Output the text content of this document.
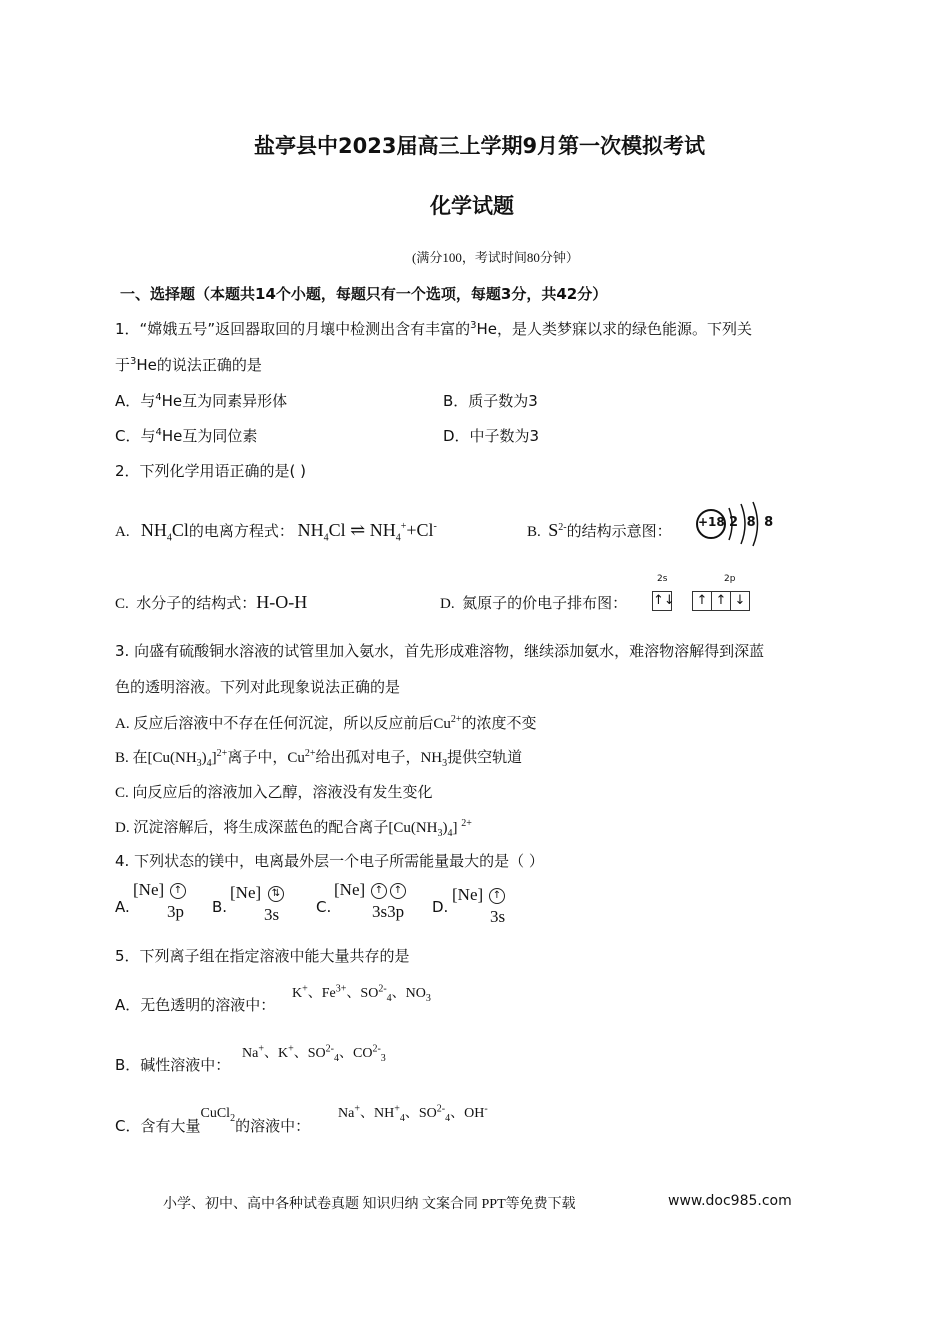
盐亭县中2023届高三上学期9月第一次模拟考试
化学试题
(满分100，考试时间80分钟）
一、选择题（本题共14个小题，每题只有一个选项，每题3分，共42分）
1．“嫦娥五号”返回器取回的月壤中检测出含有丰富的$^3$He，是人类梦寐以求的绿色能源。下列关
于$^3$He的说法正确的是
A．与$^4$He互为同素异形体	B．质子数为3
C．与$^4$He互为同位素	D．中子数为3
2．下列化学用语正确的是( )
A. $NH_4Cl$的电离方程式： $NH_4Cl$ ⇌ $NH_4^++Cl^-$	B. $S^{2-}$的结构示意图： +18 2 8 8
C. 水分子的结构式：H-O-H	D. 氮原子的价电子排布图：
2s	2p
↑↓	↑ ↑ ↓
3. 向盛有硫酸铜水溶液的试管里加入氨水，首先形成难溶物，继续添加氨水，难溶物溶解得到深蓝
色的透明溶液。下列对此现象说法正确的是
A. 反应后溶液中不存在任何沉淀，所以反应前后$Cu^{2+}$的浓度不变
B. 在$[Cu(NH_3)_4]^{2+}$离子中，$Cu^{2+}$给出孤对电子，$NH_3$提供空轨道
C. 向反应后的溶液加入乙醇，溶液没有发生变化
D. 沉淀溶解后，将生成深蓝色的配合离子$[Cu(NH_3)_4]$ $^{2+}$
4. 下列状态的镁中，电离最外层一个电子所需能量最大的是（ ）
A.
[Ne] ↑
3p B.
[Ne]	⇅
3s C.
[Ne] ↑	↑
3s3p D.
[Ne] ↑
3s
5．下列离子组在指定溶液中能大量共存的是
A．无色透明的溶液中：
K+、$Fe^{3+}$、$SO^{2-}_4$、$NO_3$
B．碱性溶液中：
Na+、K+、$SO^{2-}_4$、$CO^{2-}_3$
C．含有大量CuCl$_2$的溶液中：
Na+、$NH^+_4$、$SO^{2-}_4$、OH-
小学、初中、高中各种试卷真题 知识归纳 文案合同 PPT等免费下载	www.doc985.com
